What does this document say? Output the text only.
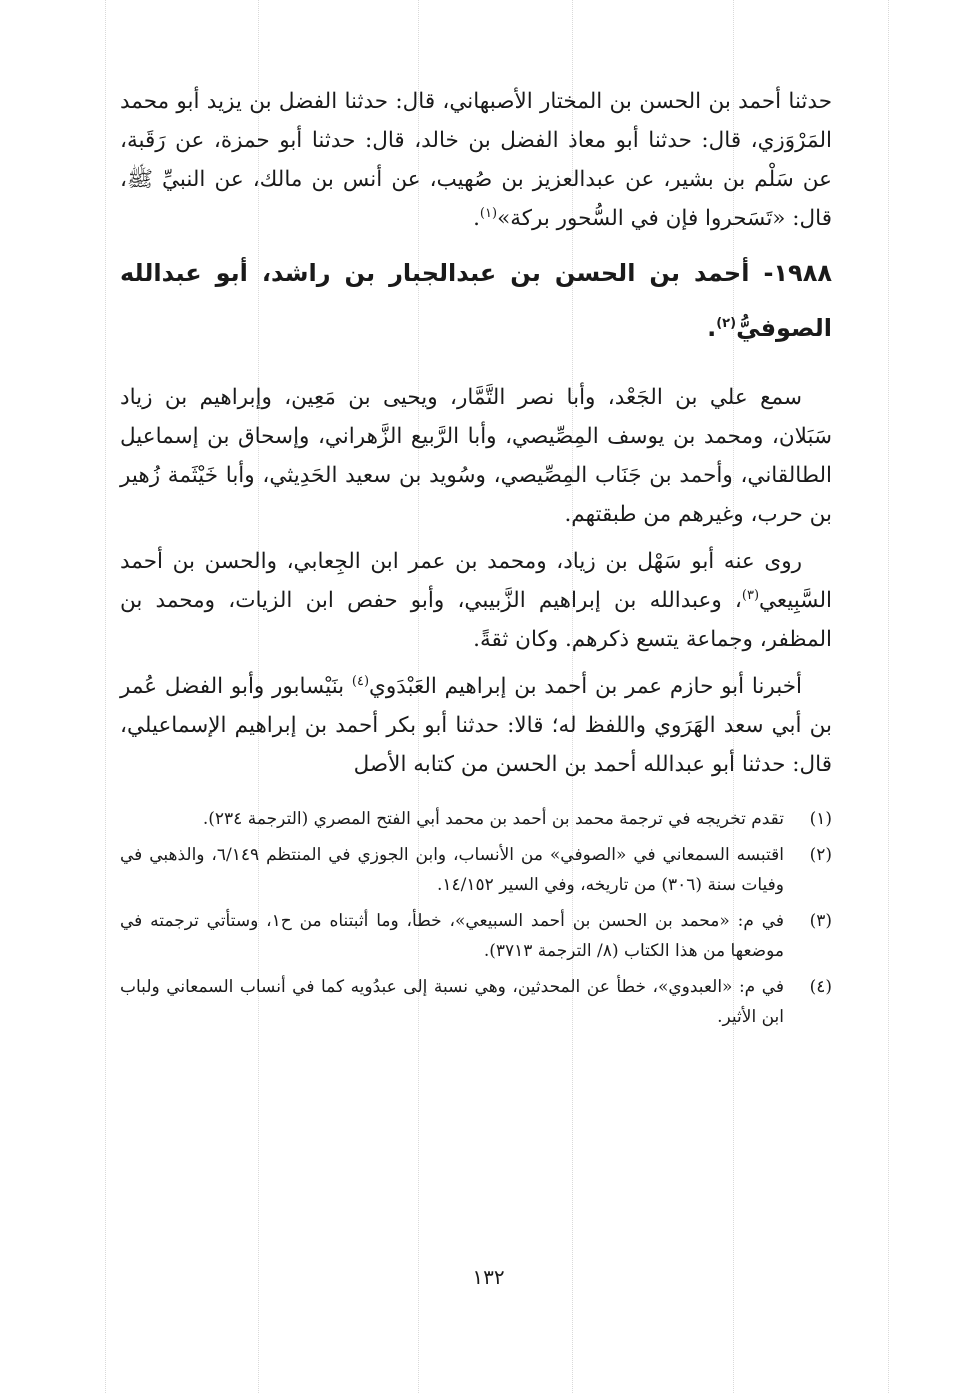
حدثنا أحمد بن الحسن بن المختار الأصبهاني، قال: حدثنا الفضل بن يزيد أبو محمد المَرْوَزي، قال: حدثنا أبو معاذ الفضل بن خالد، قال: حدثنا أبو حمزة، عن رَقَبة، عن سَلْم بن بشير، عن عبدالعزيز بن صُهيب، عن أنس بن مالك، عن النبيِّ ﷺ، قال: «تَسَحروا فإن في السُّحور بركة»$^{(١)}$.

١٩٨٨- أحمد بن الحسن بن عبدالجبار بن راشد، أبو عبدالله الصوفيُّ$^{(٢)}$.

سمع علي بن الجَعْد، وأبا نصر التَّمَّار، ويحيى بن مَعِين، وإبراهيم بن زياد سَبَلان، ومحمد بن يوسف المِصِّيصي، وأبا الرَّبيع الزَّهراني، وإسحاق بن إسماعيل الطالقاني، وأحمد بن جَنَاب المِصِّيصي، وسُويد بن سعيد الحَدِيثي، وأبا خَيْثَمة زُهير بن حرب، وغيرهم من طبقتهم.

روى عنه أبو سَهْل بن زياد، ومحمد بن عمر ابن الجِعابي، والحسن بن أحمد السَّبِيعي$^{(٣)}$، وعبدالله بن إبراهيم الزَّبيبي، وأبو حفص ابن الزيات، ومحمد بن المظفر، وجماعة يتسع ذكرهم. وكان ثقةً.

أخبرنا أبو حازم عمر بن أحمد بن إبراهيم العَبْدَوي$^{(٤)}$ بنَيْسابور وأبو الفضل عُمر بن أبي سعد الهَرَوي واللفظ له؛ قالا: حدثنا أبو بكر أحمد بن إبراهيم الإسماعيلي، قال: حدثنا أبو عبدالله أحمد بن الحسن من كتابه الأصل

(١)
تقدم تخريجه في ترجمة محمد بن أحمد بن محمد أبي الفتح المصري (الترجمة ٢٣٤).
(٢)
اقتبسه السمعاني في «الصوفي» من الأنساب، وابن الجوزي في المنتظم ٦/١٤٩، والذهبي في وفيات سنة (٣٠٦) من تاريخه، وفي السير ١٤/١٥٢.
(٣)
في م: «محمد بن الحسن بن أحمد السبيعي»، خطأ، وما أثبتناه من ح١، وستأتي ترجمته في موضعها من هذا الكتاب (٨/ الترجمة ٣٧١٣).
(٤)
في م: «العبدوي»، خطأ عن المحدثين، وهي نسبة إلى عبدُويه كما في أنساب السمعاني ولباب ابن الأثير.
١٣٢
